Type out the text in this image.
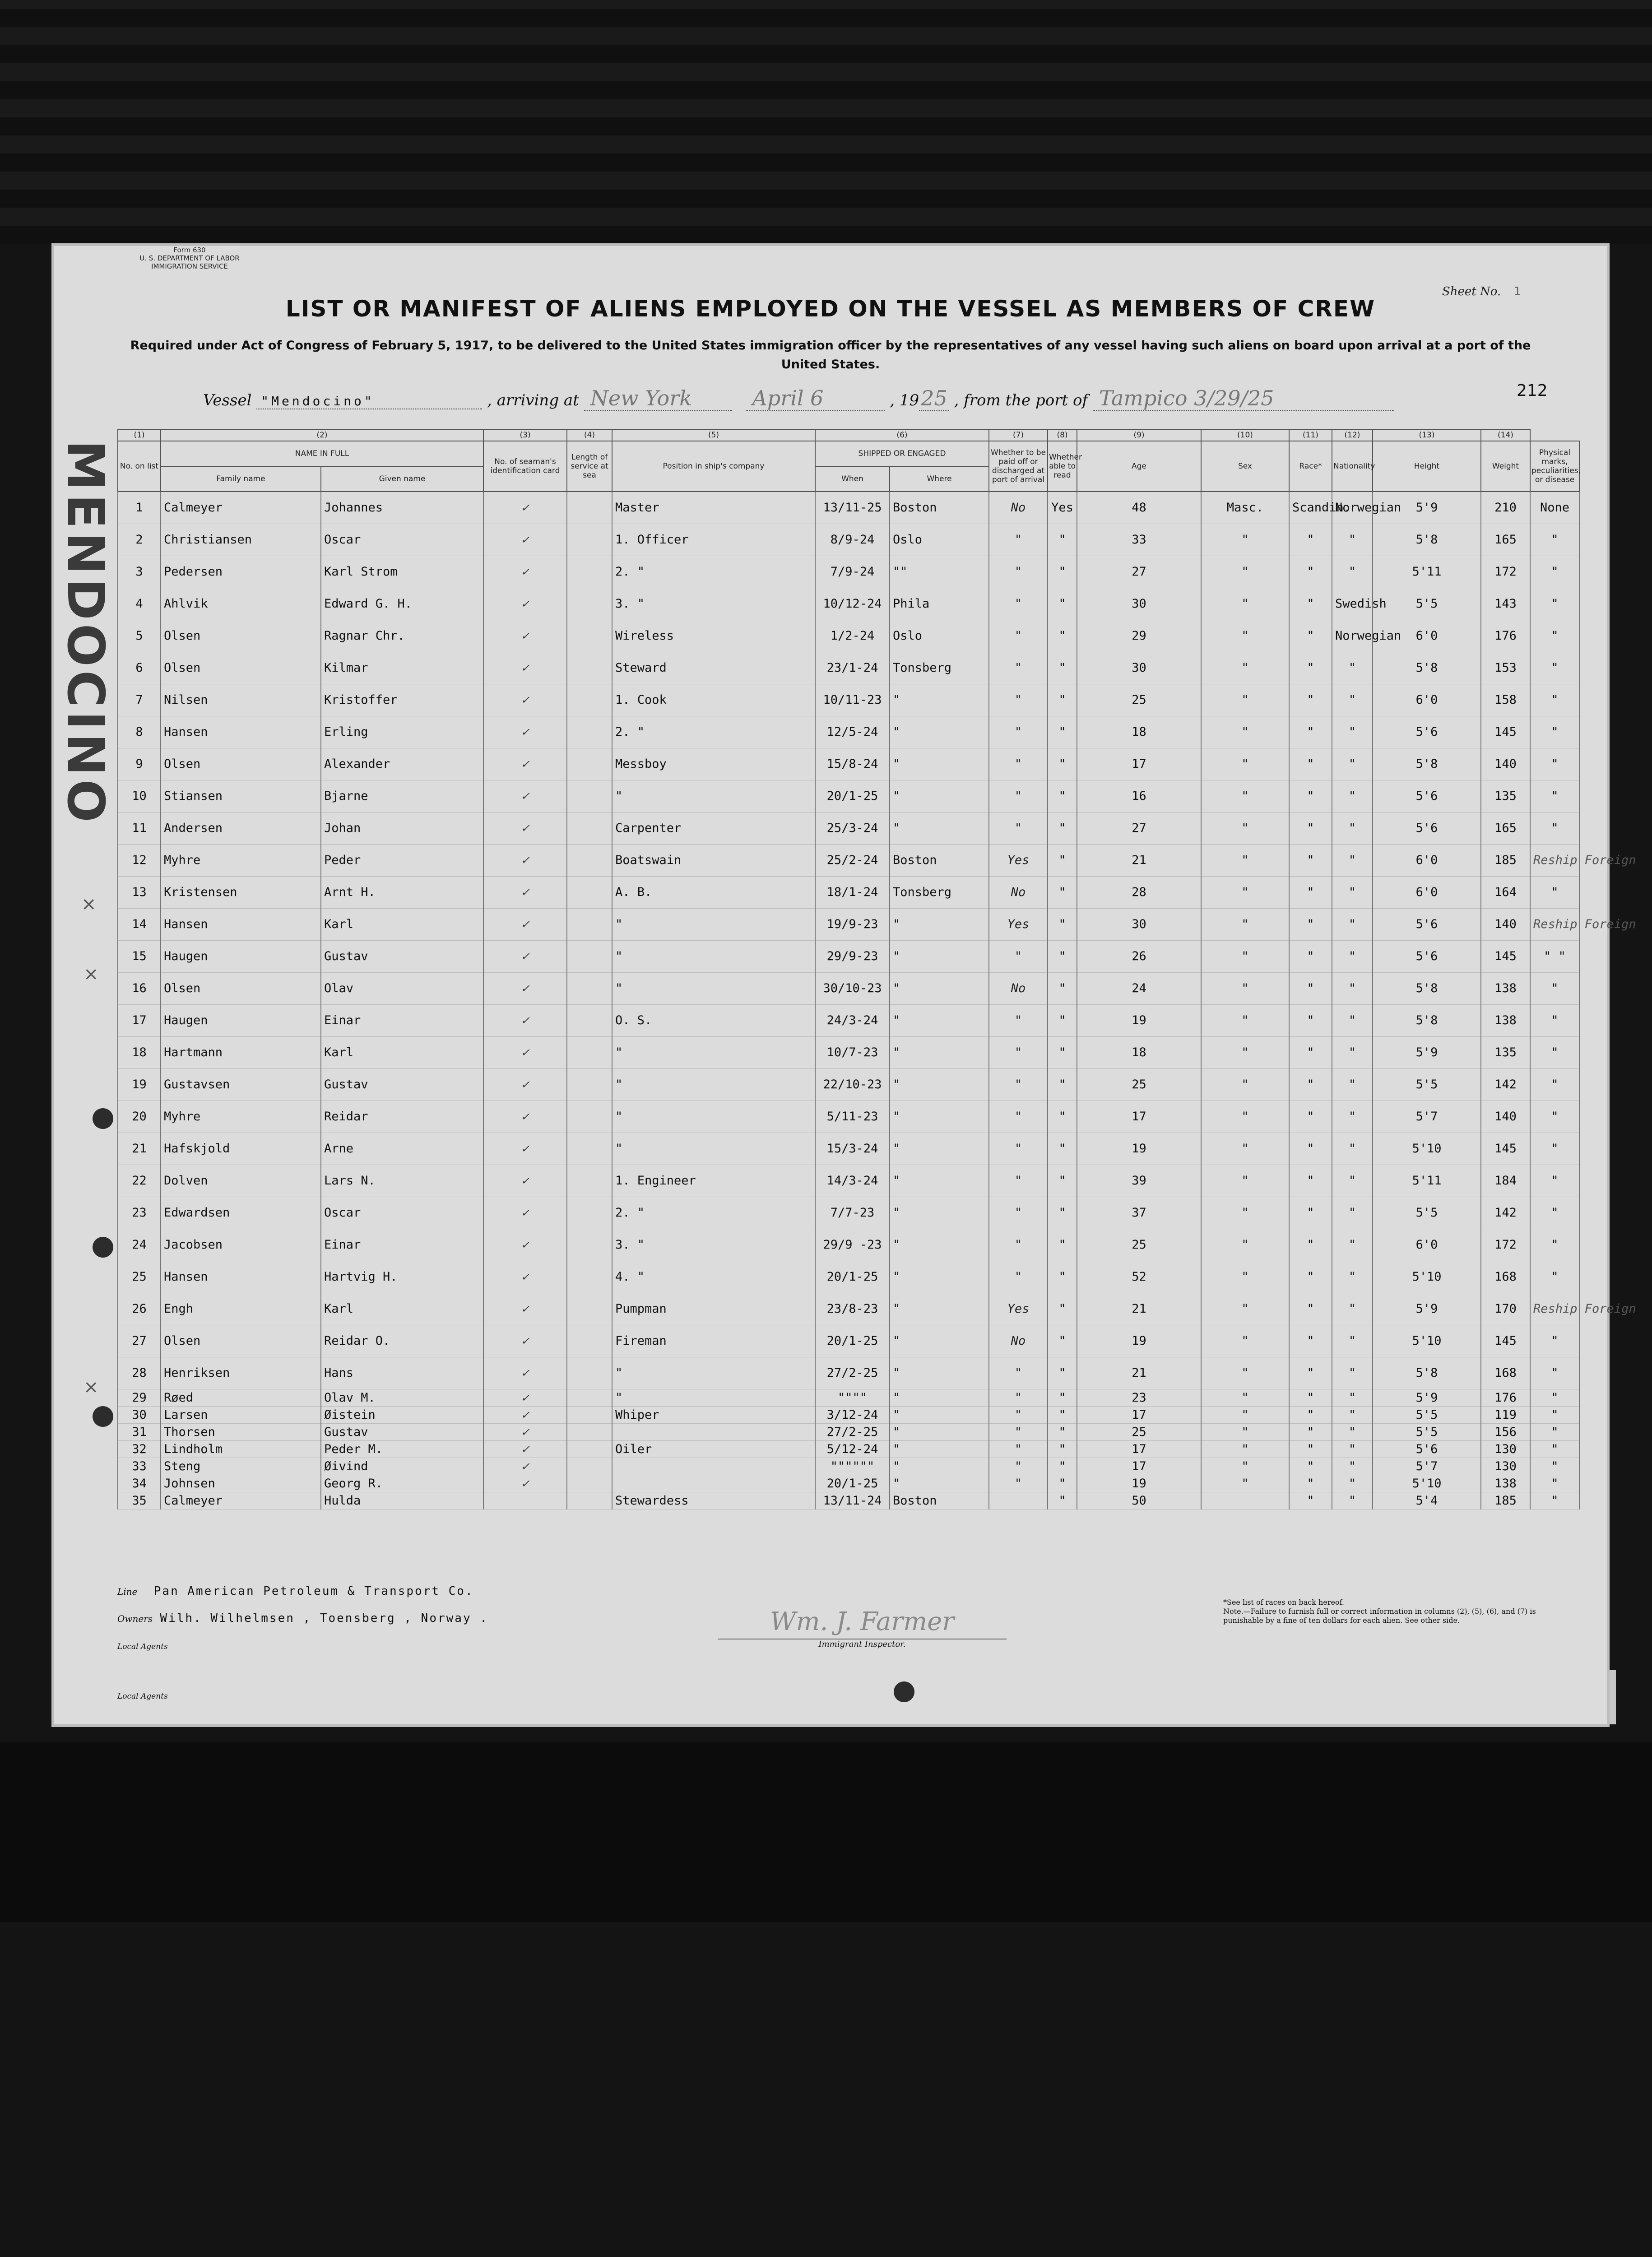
MENDOCINO
Form 630
U. S. DEPARTMENT OF LABOR
IMMIGRATION SERVICE
Sheet No. 1
LIST OR MANIFEST OF ALIENS EMPLOYED ON THE VESSEL AS MEMBERS OF CREW
Required under Act of Congress of February 5, 1917, to be delivered to the United States immigration officer by the representatives of any vessel having such aliens on board upon arrival at a port of the United States.
Vessel "Mendocino"	, arriving at New York	April 6	, 1925 , from the port of Tampico 3/29/25	212
(1)	(2)		(3)	(4)	(5)	(6)		(7)	(8)	(9)	(10)	(11)	(12)	(13)	(14)	
No. on list	NAME IN FULL		No. of seaman's identification card	Length of service at sea	Position in ship's company	SHIPPED OR ENGAGED		Whether to be paid off or discharged at port of arrival	Whether able to read	Age	Sex	Race*	Nationality	Height	Weight	Physical marks, peculiarities, or disease
	Family name	Given name				When	Where									
1	Calmeyer	Johannes	✓		Master	13/11-25	Boston	No	Yes	48	Masc.	Scandin.	Norwegian	5'9	210	None
2	Christiansen	Oscar	✓		1. Officer	8/9-24	Oslo	"	"	33	"	"	"	5'8	165	"
3	Pedersen	Karl Strom	✓		2. "	7/9-24	""	"	"	27	"	"	"	5'11	172	"
4	Ahlvik	Edward G. H.	✓		3. "	10/12-24	Phila	"	"	30	"	"	Swedish	5'5	143	"
5	Olsen	Ragnar Chr.	✓		Wireless	1/2-24	Oslo	"	"	29	"	"	Norwegian	6'0	176	"
6	Olsen	Kilmar	✓		Steward	23/1-24	Tonsberg	"	"	30	"	"	"	5'8	153	"
7	Nilsen	Kristoffer	✓		1. Cook	10/11-23	"	"	"	25	"	"	"	6'0	158	"
8	Hansen	Erling	✓		2. "	12/5-24	"	"	"	18	"	"	"	5'6	145	"
9	Olsen	Alexander	✓		Messboy	15/8-24	"	"	"	17	"	"	"	5'8	140	"
10	Stiansen	Bjarne	✓		"	20/1-25	"	"	"	16	"	"	"	5'6	135	"
11	Andersen	Johan	✓		Carpenter	25/3-24	"	"	"	27	"	"	"	5'6	165	"
12	Myhre	Peder	✓		Boatswain	25/2-24	Boston	Yes	"	21	"	"	"	6'0	185	Reship Foreign
13	Kristensen	Arnt H.	✓		A. B.	18/1-24	Tonsberg	No	"	28	"	"	"	6'0	164	"
14	Hansen	Karl	✓		"	19/9-23	"	Yes	"	30	"	"	"	5'6	140	Reship Foreign
15	Haugen	Gustav	✓		"	29/9-23	"	"	"	26	"	"	"	5'6	145	" "
16	Olsen	Olav	✓		"	30/10-23	"	No	"	24	"	"	"	5'8	138	"
17	Haugen	Einar	✓		O. S.	24/3-24	"	"	"	19	"	"	"	5'8	138	"
18	Hartmann	Karl	✓		"	10/7-23	"	"	"	18	"	"	"	5'9	135	"
19	Gustavsen	Gustav	✓		"	22/10-23	"	"	"	25	"	"	"	5'5	142	"
20	Myhre	Reidar	✓		"	5/11-23	"	"	"	17	"	"	"	5'7	140	"
21	Hafskjold	Arne	✓		"	15/3-24	"	"	"	19	"	"	"	5'10	145	"
22	Dolven	Lars N.	✓		1. Engineer	14/3-24	"	"	"	39	"	"	"	5'11	184	"
23	Edwardsen	Oscar	✓		2. "	7/7-23	"	"	"	37	"	"	"	5'5	142	"
24	Jacobsen	Einar	✓		3. "	29/9 -23	"	"	"	25	"	"	"	6'0	172	"
25	Hansen	Hartvig H.	✓		4. "	20/1-25	"	"	"	52	"	"	"	5'10	168	"
26	Engh	Karl	✓		Pumpman	23/8-23	"	Yes	"	21	"	"	"	5'9	170	Reship Foreign
27	Olsen	Reidar O.	✓		Fireman	20/1-25	"	No	"	19	"	"	"	5'10	145	"
28	Henriksen	Hans	✓		"	27/2-25	"	"	"	21	"	"	"	5'8	168	"
29	Røed	Olav M.	✓		"	""""	"	"	"	23	"	"	"	5'9	176	"
30	Larsen	Øistein	✓		Whiper	3/12-24	"	"	"	17	"	"	"	5'5	119	"
31	Thorsen	Gustav	✓			27/2-25	"	"	"	25	"	"	"	5'5	156	"
32	Lindholm	Peder M.	✓		Oiler	5/12-24	"	"	"	17	"	"	"	5'6	130	"
33	Steng	Øivind	✓			""""""	"	"	"	17	"	"	"	5'7	130	"
34	Johnsen	Georg R.	✓			20/1-25	"	"	"	19	"	"	"	5'10	138	"
35	Calmeyer	Hulda			Stewardess	13/11-24	Boston		"	50		"	"	5'4	185	"
Line Pan American Petroleum & Transport Co.
Owners Wilh. Wilhelmsen , Toensberg , Norway .
Local Agents
Local Agents
Wm. J. Farmer
Immigrant Inspector.
*See list of races on back hereof.
Note.—Failure to furnish full or correct information in columns (2), (5), (6), and (7) is punishable by a fine of ten dollars for each alien. See other side.
×
×
×
